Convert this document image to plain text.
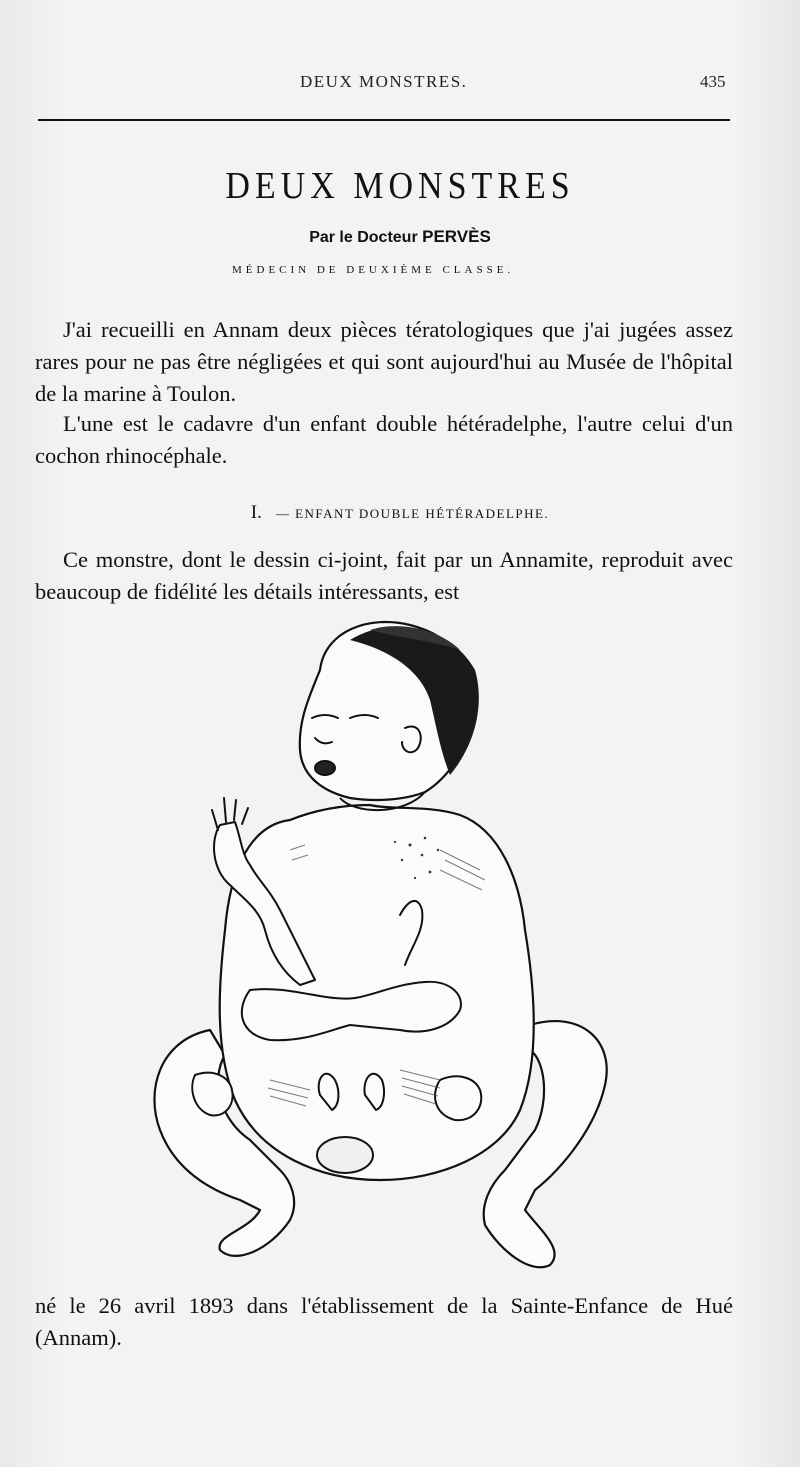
DEUX MONSTRES.	435
DEUX MONSTRES
Par le Docteur PERVÈS
MÉDECIN DE DEUXIÈME CLASSE.

J'ai recueilli en Annam deux pièces tératologiques que j'ai jugées assez rares pour ne pas être négligées et qui sont aujourd'hui au Musée de l'hôpital de la marine à Toulon.

L'une est le cadavre d'un enfant double hétéradelphe, l'autre celui d'un cochon rhinocéphale.

I. — ENFANT DOUBLE HÉTÉRADELPHE.

Ce monstre, dont le dessin ci-joint, fait par un Annamite, reproduit avec beaucoup de fidélité les détails intéressants, est

né le 26 avril 1893 dans l'établissement de la Sainte-Enfance de Hué (Annam).
